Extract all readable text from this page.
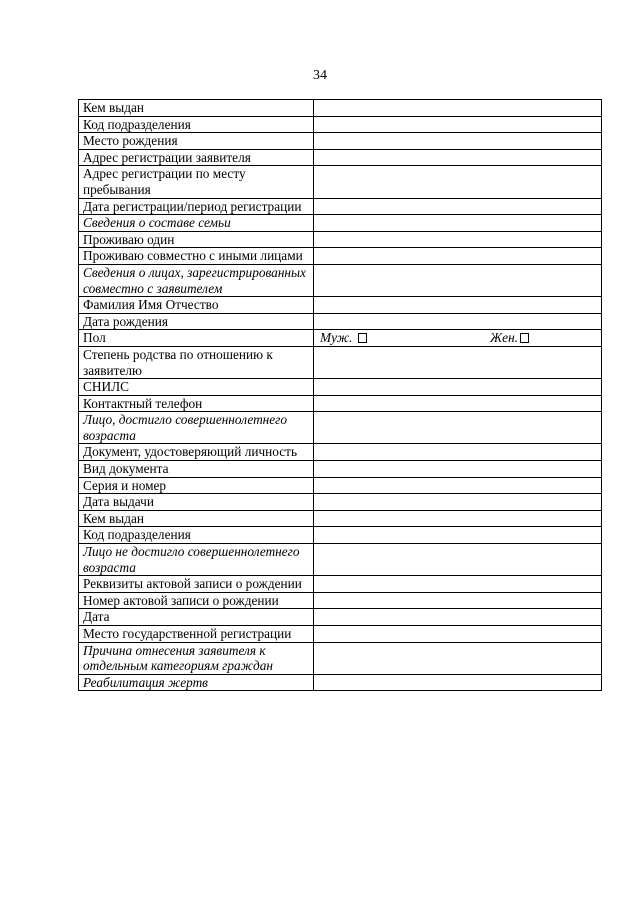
34
Кем выдан	
Код подразделения	
Место рождения	
Адрес регистрации заявителя	
Адрес регистрации по месту пребывания	
Дата регистрации/период регистрации	
Сведения о составе семьи	
Проживаю один	
Проживаю совместно с иными лицами	
Сведения о лицах, зарегистрированных совместно с заявителем	
Фамилия Имя Отчество	
Дата рождения	
Пол	Муж. Жен.

Степень родства по отношению к заявителю	
СНИЛС	
Контактный телефон	
Лицо, достигло совершеннолетнего возраста	
Документ, удостоверяющий личность	
Вид документа	
Серия и номер	
Дата выдачи	
Кем выдан	
Код подразделения	
Лицо не достигло совершеннолетнего возраста	
Реквизиты актовой записи о рождении	
Номер актовой записи о рождении	
Дата	
Место государственной регистрации	
Причина отнесения заявителя к отдельным категориям граждан	
Реабилитация жертв	
